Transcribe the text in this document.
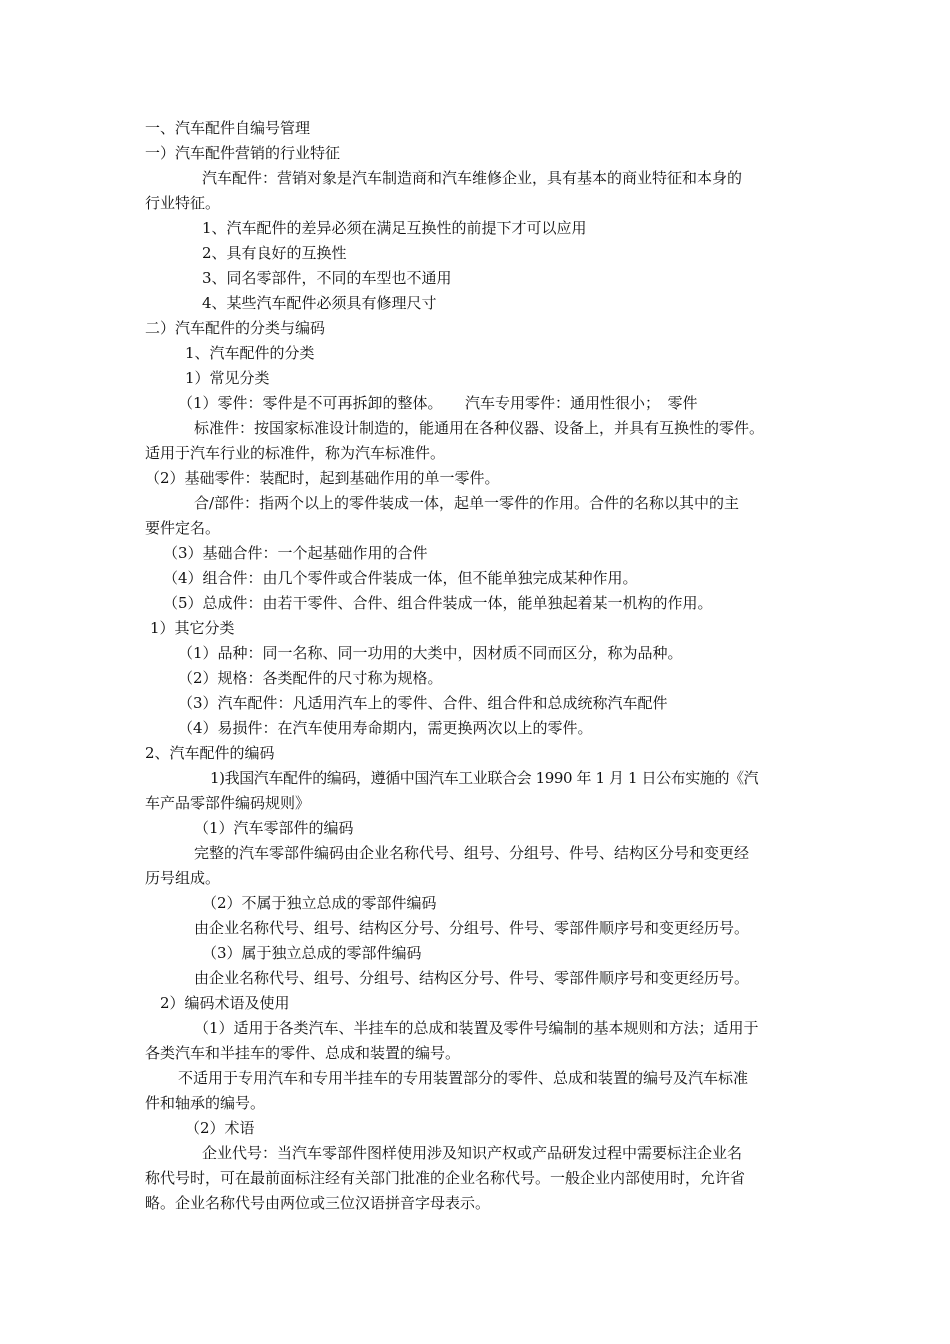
一、汽车配件自编号管理
一）汽车配件营销的行业特征
汽车配件：营销对象是汽车制造商和汽车维修企业，具有基本的商业特征和本身的
行业特征。
1、汽车配件的差异必须在满足互换性的前提下才可以应用
2、具有良好的互换性
3、同名零部件，不同的车型也不通用
4、某些汽车配件必须具有修理尺寸
二）汽车配件的分类与编码
1、汽车配件的分类
1）常见分类
（1）零件：零件是不可再拆卸的整体。　　汽车专用零件：通用性很小；　零件
标准件：按国家标准设计制造的，能通用在各种仪器、设备上，并具有互换性的零件。
适用于汽车行业的标准件，称为汽车标准件。
（2）基础零件：装配时，起到基础作用的单一零件。
合/部件：指两个以上的零件装成一体，起单一零件的作用。合件的名称以其中的主
要件定名。
（3）基础合件：一个起基础作用的合件
（4）组合件：由几个零件或合件装成一体，但不能单独完成某种作用。
（5）总成件：由若干零件、合件、组合件装成一体，能单独起着某一机构的作用。
1）其它分类
（1）品种：同一名称、同一功用的大类中，因材质不同而区分，称为品种。
（2）规格：各类配件的尺寸称为规格。
（3）汽车配件：凡适用汽车上的零件、合件、组合件和总成统称汽车配件
（4）易损件：在汽车使用寿命期内，需更换两次以上的零件。
2、汽车配件的编码
1)我国汽车配件的编码，遵循中国汽车工业联合会 1990 年 1 月 1 日公布实施的《汽
车产品零部件编码规则》
（1）汽车零部件的编码
完整的汽车零部件编码由企业名称代号、组号、分组号、件号、结构区分号和变更经
历号组成。
（2）不属于独立总成的零部件编码
由企业名称代号、组号、结构区分号、分组号、件号、零部件顺序号和变更经历号。
（3）属于独立总成的零部件编码
由企业名称代号、组号、分组号、结构区分号、件号、零部件顺序号和变更经历号。
2）编码术语及使用
（1）适用于各类汽车、半挂车的总成和装置及零件号编制的基本规则和方法；适用于
各类汽车和半挂车的零件、总成和装置的编号。
不适用于专用汽车和专用半挂车的专用装置部分的零件、总成和装置的编号及汽车标准
件和轴承的编号。
（2）术语
企业代号：当汽车零部件图样使用涉及知识产权或产品研发过程中需要标注企业名
称代号时，可在最前面标注经有关部门批准的企业名称代号。一般企业内部使用时，允许省
略。企业名称代号由两位或三位汉语拼音字母表示。
